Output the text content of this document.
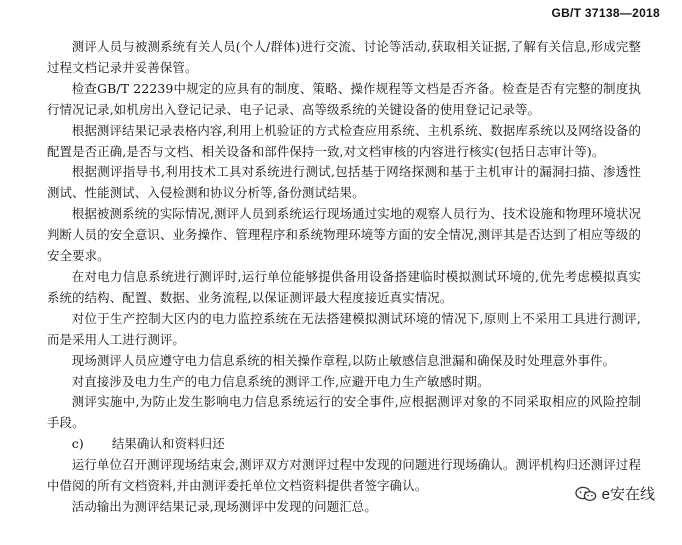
GB/T 37138—2018

测评人员与被测系统有关人员(个人/群体)进行交流、讨论等活动,获取相关证据,了解有关信息,形成完整过程文档记录并妥善保管。

检查GB/T 22239中规定的应具有的制度、策略、操作规程等文档是否齐备。检查是否有完整的制度执行情况记录,如机房出入登记记录、电子记录、高等级系统的关键设备的使用登记记录等。

根据测评结果记录表格内容,利用上机验证的方式检查应用系统、主机系统、数据库系统以及网络设备的配置是否正确,是否与文档、相关设备和部件保持一致,对文档审核的内容进行核实(包括日志审计等)。

根据测评指导书,利用技术工具对系统进行测试,包括基于网络探测和基于主机审计的漏洞扫描、渗透性测试、性能测试、入侵检测和协议分析等,备份测试结果。

根据被测系统的实际情况,测评人员到系统运行现场通过实地的观察人员行为、技术设施和物理环境状况判断人员的安全意识、业务操作、管理程序和系统物理环境等方面的安全情况,测评其是否达到了相应等级的安全要求。

在对电力信息系统进行测评时,运行单位能够提供备用设备搭建临时模拟测试环境的,优先考虑模拟真实系统的结构、配置、数据、业务流程,以保证测评最大程度接近真实情况。

对位于生产控制大区内的电力监控系统在无法搭建模拟测试环境的情况下,原则上不采用工具进行测评,而是采用人工进行测评。

现场测评人员应遵守电力信息系统的相关操作章程,以防止敏感信息泄漏和确保及时处理意外事件。

对直接涉及电力生产的电力信息系统的测评工作,应避开电力生产敏感时期。

测评实施中,为防止发生影响电力信息系统运行的安全事件,应根据测评对象的不同采取相应的风险控制手段。

c) 结果确认和资料归还

运行单位召开测评现场结束会,测评双方对测评过程中发现的问题进行现场确认。测评机构归还测评过程中借阅的所有文档资料,并由测评委托单位文档资料提供者签字确认。

活动输出为测评结果记录,现场测评中发现的问题汇总。

e安在线
